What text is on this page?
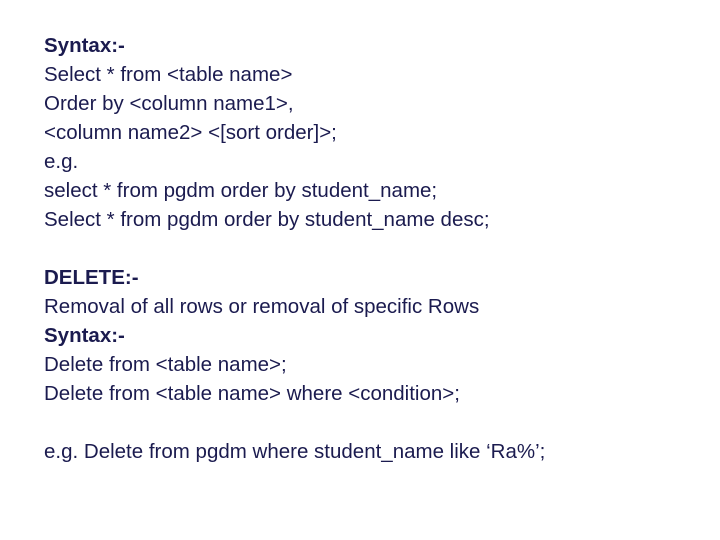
Syntax:-
Select * from <table name>
Order by <column name1>,
<column name2> <[sort order]>;
e.g.
select * from pgdm order by student_name;
Select * from pgdm order by student_name desc;
DELETE:-
Removal of all rows or removal of specific Rows
Syntax:-
Delete from <table name>;
Delete from <table name> where <condition>;
e.g. Delete from pgdm where student_name like ‘Ra%’;
